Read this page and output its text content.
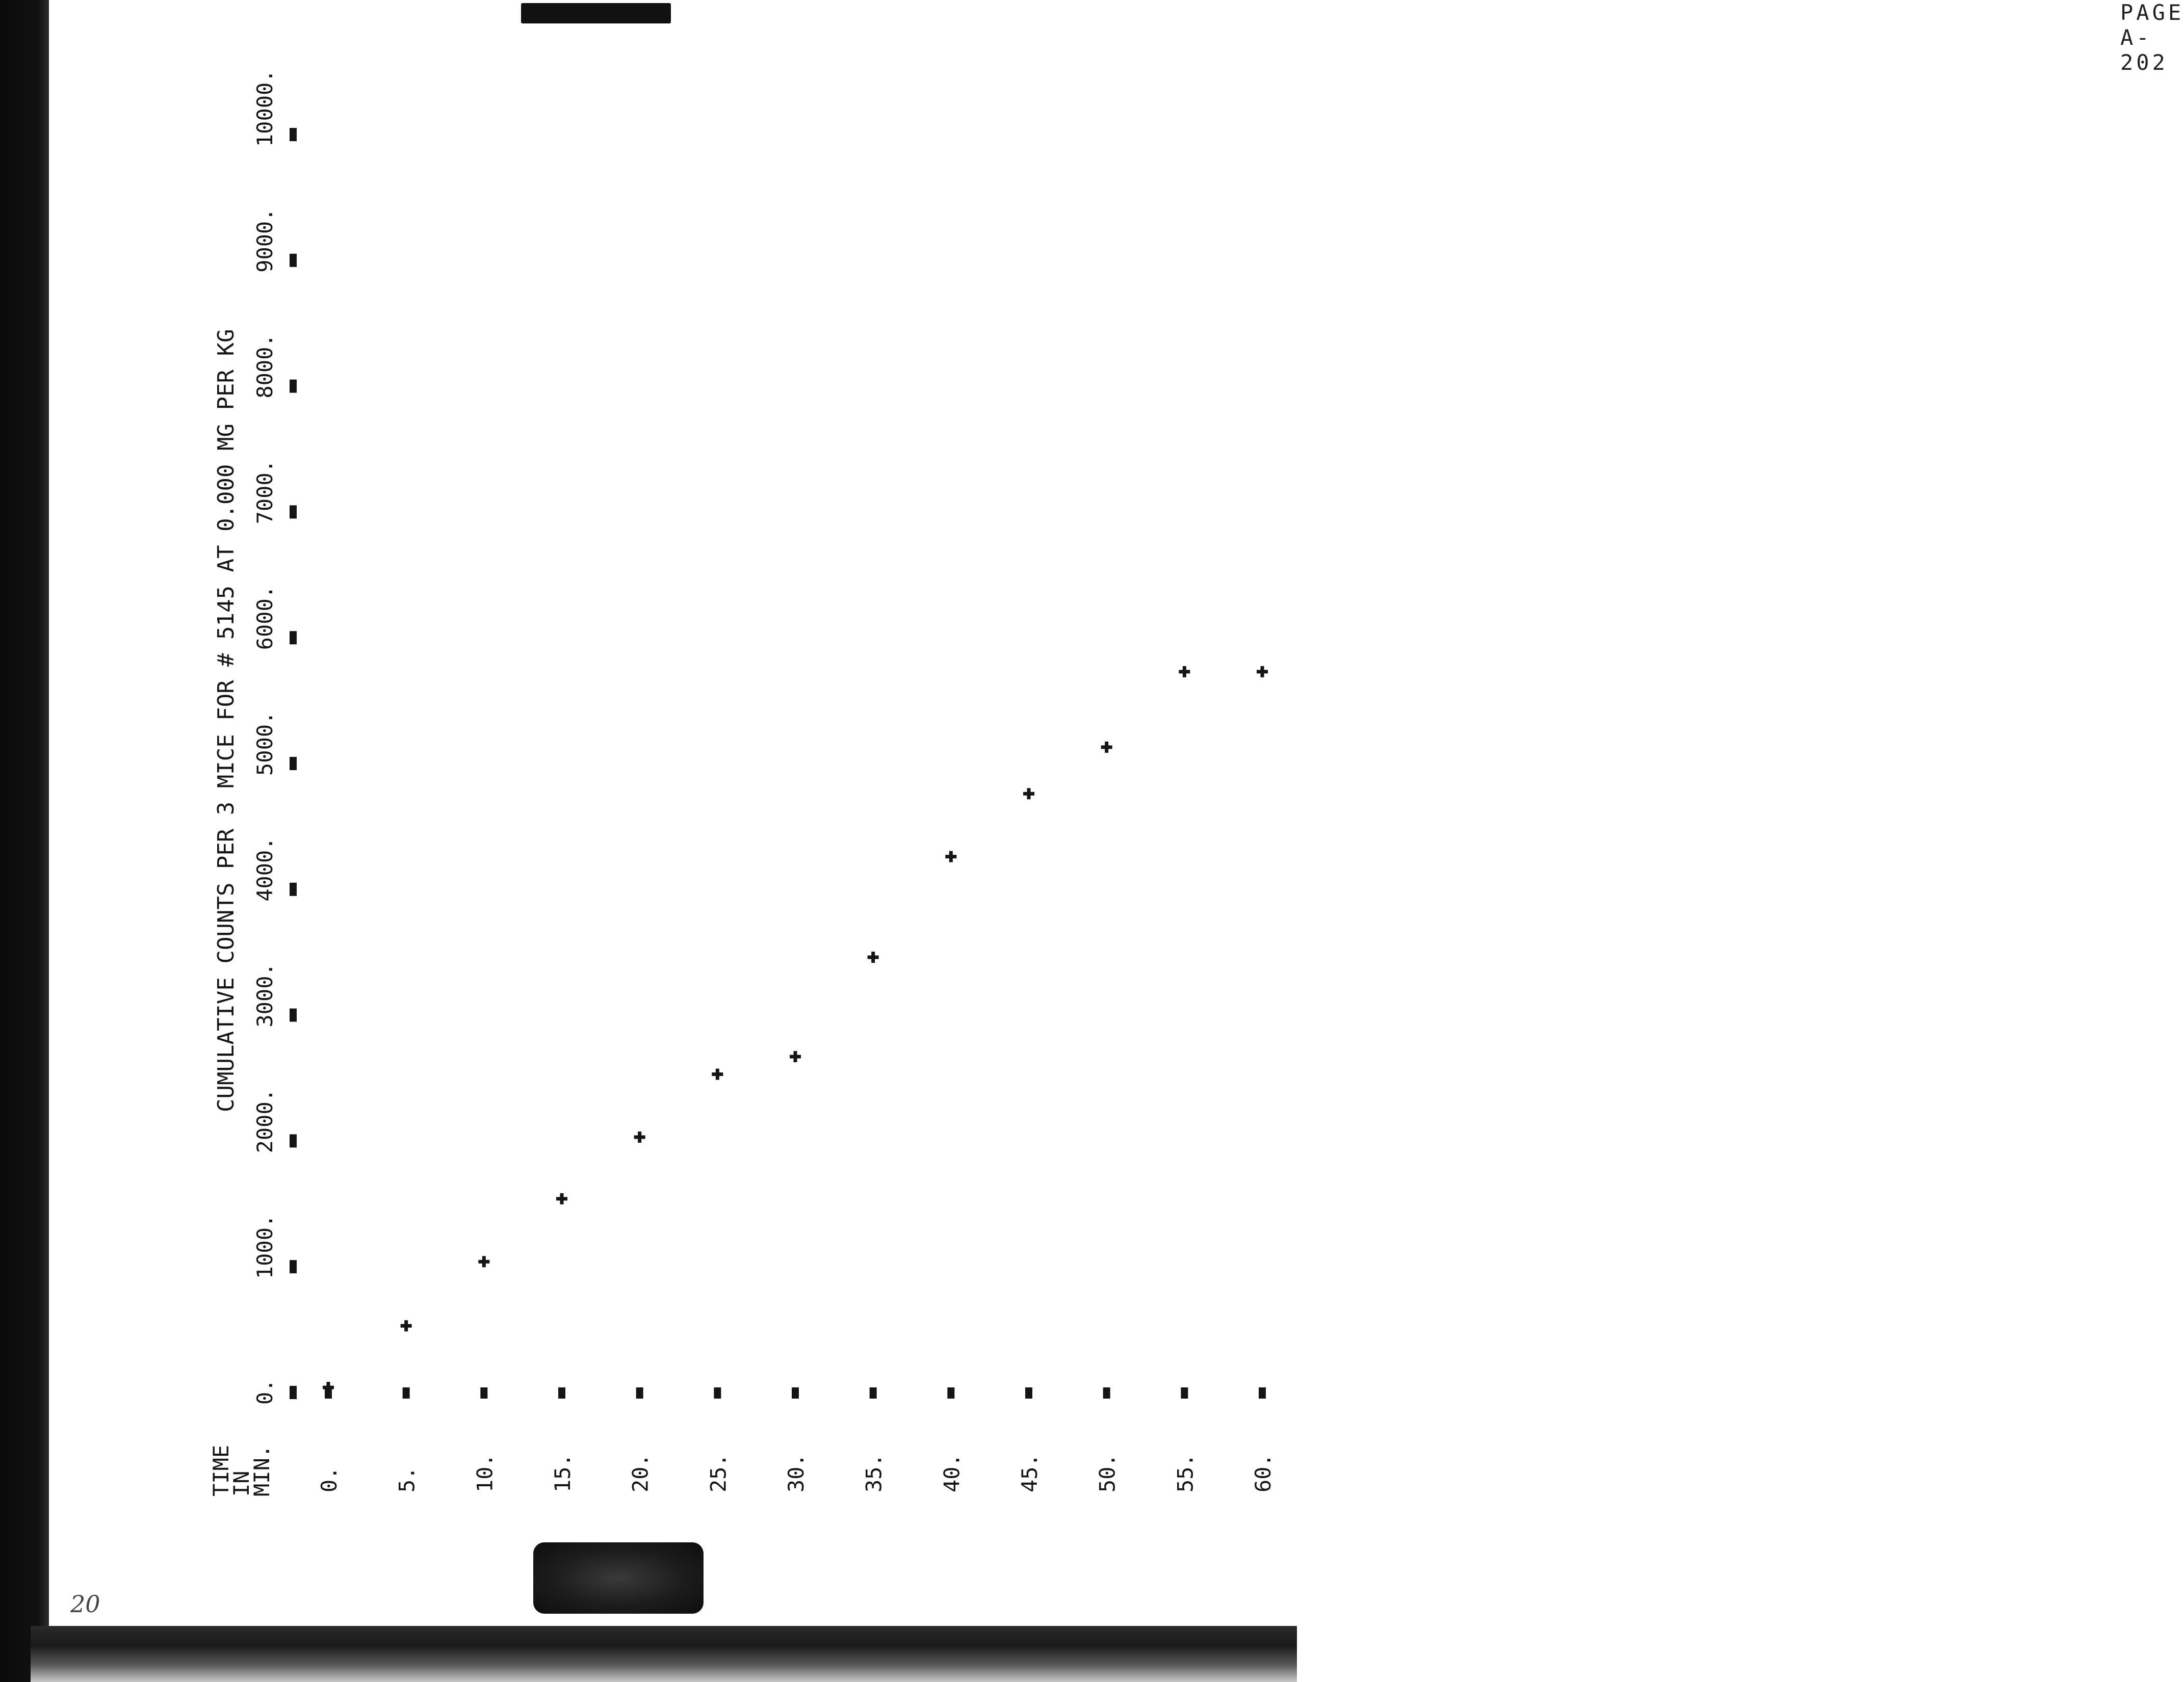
PAGE A-202
20
CUMULATIVE COUNTS PER 3 MICE FOR # 5145 AT 0.000 MG PER KG
TIME
IN
MIN.
0.
1000.
2000.
3000.
4000.
5000.
6000.
7000.
8000.
9000.
10000.
0. 5. 10. 15. 20. 25. 30. 35. 40. 45. 50. 55. 60.
